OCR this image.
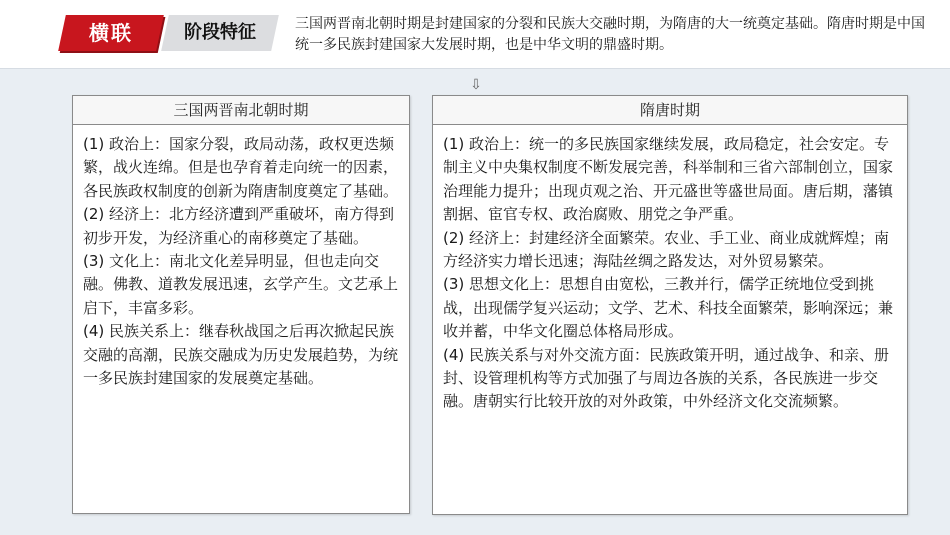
横联	阶段特征	三国两晋南北朝时期是封建国家的分裂和民族大交融时期，为隋唐的大一统奠定基础。隋唐时期是中国统一多民族封建国家大发展时期，也是中华文明的鼎盛时期。
⇩
三国两晋南北朝时期

(1) 政治上：国家分裂，政局动荡，政权更迭频繁，战火连绵。但是也孕育着走向统一的因素，各民族政权制度的创新为隋唐制度奠定了基础。

(2) 经济上：北方经济遭到严重破坏，南方得到初步开发，为经济重心的南移奠定了基础。

(3) 文化上：南北文化差异明显，但也走向交融。佛教、道教发展迅速，玄学产生。文艺承上启下，丰富多彩。

(4) 民族关系上：继春秋战国之后再次掀起民族交融的高潮，民族交融成为历史发展趋势，为统一多民族封建国家的发展奠定基础。

隋唐时期

(1) 政治上：统一的多民族国家继续发展，政局稳定，社会安定。专制主义中央集权制度不断发展完善，科举制和三省六部制创立，国家治理能力提升；出现贞观之治、开元盛世等盛世局面。唐后期，藩镇割据、宦官专权、政治腐败、朋党之争严重。

(2) 经济上：封建经济全面繁荣。农业、手工业、商业成就辉煌；南方经济实力增长迅速；海陆丝绸之路发达，对外贸易繁荣。

(3) 思想文化上：思想自由宽松，三教并行，儒学正统地位受到挑战，出现儒学复兴运动；文学、艺术、科技全面繁荣，影响深远；兼收并蓄，中华文化圈总体格局形成。

(4) 民族关系与对外交流方面：民族政策开明，通过战争、和亲、册封、设管理机构等方式加强了与周边各族的关系，各民族进一步交融。唐朝实行比较开放的对外政策，中外经济文化交流频繁。
